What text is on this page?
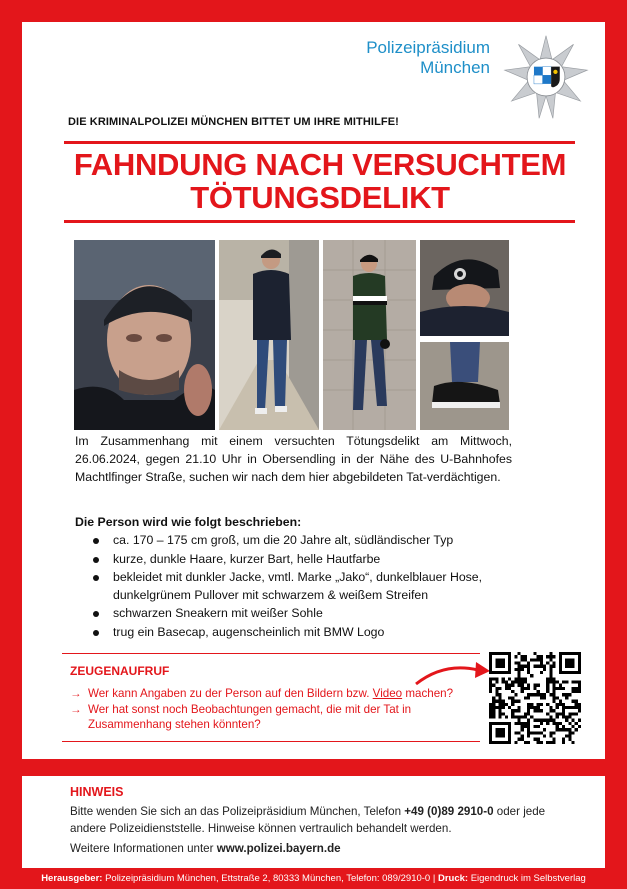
Polizeipräsidium
München
DIE KRIMINALPOLIZEI MÜNCHEN BITTET UM IHRE MITHILFE!
FAHNDUNG NACH VERSUCHTEM
TÖTUNGSDELIKT

Im Zusammenhang mit einem versuchten Tötungsdelikt am Mittwoch, 26.06.2024, gegen 21.10 Uhr in Obersendling in der Nähe des U-Bahnhofes Machtlfinger Straße, suchen wir nach dem hier abgebildeten Tat-verdächtigen.

Die Person wird wie folgt beschrieben:
ca. 170 – 175 cm groß, um die 20 Jahre alt, südländischer Typ
kurze, dunkle Haare, kurzer Bart, helle Hautfarbe
bekleidet mit dunkler Jacke, vmtl. Marke „Jako“, dunkelblauer Hose, dunkelgrünem Pullover mit schwarzem & weißem Streifen
schwarzen Sneakern mit weißer Sohle
trug ein Basecap, augenscheinlich mit BMW Logo
ZEUGENAUFRUF
→ Wer kann Angaben zu der Person auf den Bildern bzw. Video machen?
→ Wer hat sonst noch Beobachtungen gemacht, die mit der Tat in Zusammenhang stehen könnten?
HINWEIS
Bitte wenden Sie sich an das Polizeipräsidium München, Telefon +49 (0)89 2910-0 oder jede andere Polizeidienststelle. Hinweise können vertraulich behandelt werden.
Weitere Informationen unter www.polizei.bayern.de
Herausgeber: Polizeipräsidium München, Ettstraße 2, 80333 München, Telefon: 089/2910-0 | Druck: Eigendruck im Selbstverlag
